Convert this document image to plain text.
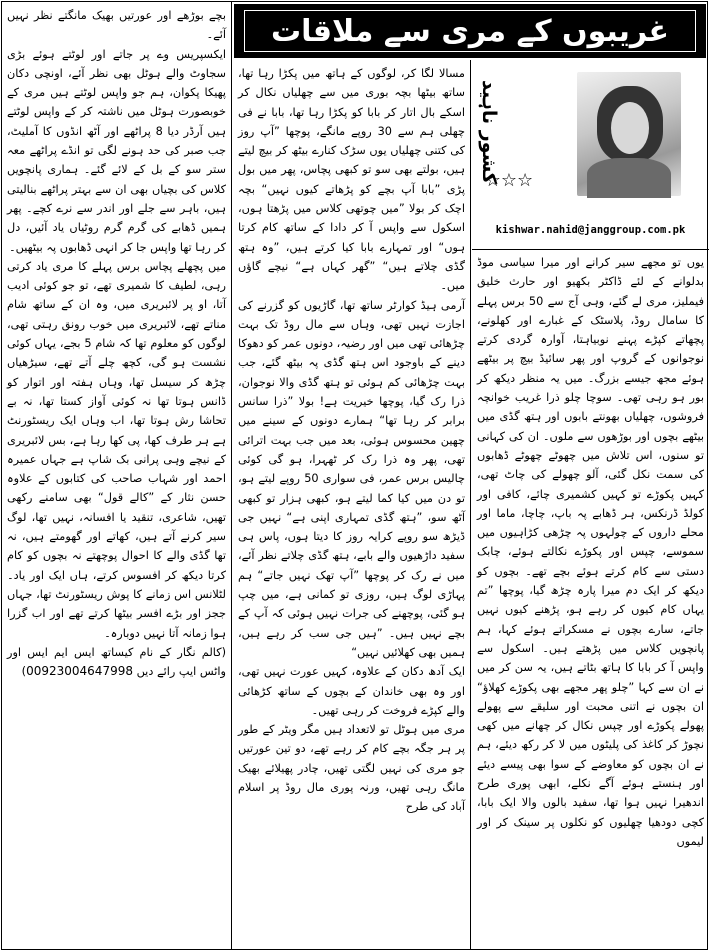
غریبوں کے مری سے ملاقات
کشور ناہید
☆☆☆
kishwar.nahid@janggroup.com.pk

یوں تو مجھے سیر کرانے اور میرا سیاسی موڈ بدلوانے کے لئے ڈاکٹر بکھیو اور حارث خلیق فیملیز، مری لے گئے، وہی آج سے 50 برس پہلے کا سامال روڈ، پلاسٹک کے غبارے اور کھلونے، پچھاتے کپڑے پہنے نوبیاہتا، آوارہ گردی کرتے نوجوانوں کے گروپ اور پھر سائیڈ بیچ پر بیٹھے ہوئے مجھ جیسے بزرگ۔ میں یہ منظر دیکھ کر بور ہو رہی تھی۔ سوچا چلو ذرا غریب خوانچہ فروشوں، چھلیاں بھونتے بابوں اور ہتھ گڈی میں بیٹھے بچوں اور بوڑھوں سے ملوں۔ ان کی کہانی تو سنوں، اس تلاش میں چھوٹے چھوٹے ڈھابوں کی سمت نکل گئی، آلو چھولے کی چاٹ تھی، کہیں پکوڑے تو کہیں کشمیری چائے، کافی اور کولڈ ڈرنکس، ہر ڈھابے پہ باپ، چاچا، ماما اور محلے داروں کے چولہوں پہ چڑھی کڑاہیوں میں سموسے، چپس اور پکوڑے نکالتے ہوئے، چابک دستی سے کام کرتے ہوئے بچے تھے۔ بچوں کو دیکھ کر ایک دم میرا پارہ چڑھ گیا، پوچھا ”تم یہاں کام کیوں کر رہے ہو، پڑھنے کیوں نہیں جاتے، سارے بچوں نے مسکراتے ہوئے کہا، ہم پانچویں کلاس میں پڑھتے ہیں۔ اسکول سے واپس آ کر بابا کا ہاتھ بٹاتے ہیں، یہ سن کر میں نے ان سے کہا ”چلو پھر مجھے بھی پکوڑے کھلاؤ“ ان بچوں نے اتنی محبت اور سلیقے سے پھولے پھولے پکوڑے اور چپس نکال کر چھانے میں کھی نچوڑ کر کاغذ کی پلیٹوں میں لا کر رکھ دیئے، ہم نے ان بچوں کو معاوضے کے سوا بھی پیسے دیئے اور ہنستے ہوئے آگے نکلے، ابھی پوری طرح اندھیرا نہیں ہوا تھا، سفید بالوں والا ایک بابا، کچی دودھیا چھلیوں کو نکلوں پر سینک کر اور لیموں

مسالا لگا کر، لوگوں کے ہاتھ میں پکڑا رہا تھا، ساتھ بیٹھا بچہ بوری میں سے چھلیاں نکال کر اسکے بال اتار کر بابا کو پکڑا رہا تھا، بابا نے فی چھلی ہم سے 30 روپے مانگے، پوچھا ”آپ روز کی کتنی چھلیاں یوں سڑک کنارے بیٹھ کر بیچ لیتے ہیں، بولتے بھی سو تو کبھی پچاس، پھر میں بول پڑی ”بابا آپ بچے کو پڑھاتے کیوں نہیں“ بچہ اچک کر بولا ”میں چوتھی کلاس میں پڑھتا ہوں، اسکول سے واپس آ کر دادا کے ساتھ کام کرتا ہوں“ اور تمہارے بابا کیا کرتے ہیں، ”وہ ہتھ گڈی چلاتے ہیں“ ”گھر کہاں ہے“ نیچے گاؤں میں۔

آرمی ہیڈ کوارٹر ساتھ تھا، گاڑیوں کو گزرنے کی اجازت نہیں تھی، وہاں سے مال روڈ تک بہت چڑھائی تھی میں اور رضیہ، دونوں عمر کو دھوکا دینے کے باوجود اس ہتھ گڈی پہ بیٹھ گئے، جب بہت چڑھائی کم ہوئی تو ہتھ گڈی والا نوجوان، ذرا رک گیا، پوچھا خیریت ہے! بولا ”ذرا سانس برابر کر رہا تھا“ ہمارے دونوں کے سینے میں چھین محسوس ہوئی، بعد میں جب بہت اترائی تھی، پھر وہ ذرا رک کر ٹھہرا، ہو گی کوئی چالیس برس عمر، فی سواری 50 روپے لیتے ہو، تو دن میں کیا کما لیتے ہو، کبھی ہزار تو کبھی آٹھ سو، ”ہتھ گڈی تمہاری اپنی ہے“ نہیں جی ڈیڑھ سو روپے کرایہ روز کا دیتا ہوں، پاس ہی سفید داڑھیوں والے بابے، ہتھ گڈی چلاتے نظر آئے، میں نے رک کر پوچھا ”آپ تھک نہیں جاتے“ ہم پہاڑی لوگ ہیں، روزی تو کمانی ہے، میں چپ ہو گئی، پوچھنے کی جرات نہیں ہوئی کہ آپ کے بچے نہیں ہیں۔ ”ہیں جی سب کر رہے ہیں، ہمیں بھی کھلائیں نہیں“

ایک آدھ دکان کے علاوہ، کہیں عورت نہیں تھی، اور وہ بھی خاندان کے بچوں کے ساتھ کڑھائی والے کپڑے فروخت کر رہی تھیں۔

مری میں ہوٹل تو لاتعداد ہیں مگر ویٹر کے طور پر ہر جگہ بچے کام کر رہے تھے، دو تین عورتیں جو مری کی نہیں لگتی تھیں، چادر پھیلائے بھیک مانگ رہی تھیں، ورنہ پوری مال روڈ پر اسلام آباد کی طرح

بچے بوڑھے اور عورتیں بھیک مانگتے نظر نہیں آئے۔

ایکسپریس وے پر جاتے اور لوٹتے ہوئے بڑی سجاوٹ والے ہوٹل بھی نظر آئے، اونچی دکان پھیکا پکوان، ہم جو واپس لوٹتے ہیں مری کے خوبصورت ہوٹل میں ناشتہ کر کے واپس لوٹتے ہیں آرڈر دیا 8 پراٹھے اور آٹھ انڈوں کا آملیٹ، جب صبر کی حد ہونے لگی تو انڈے پراٹھے معہ ستر سو کے بل کے لائے گئے۔ ہماری پانچویں کلاس کی بچیاں بھی ان سے بہتر پراٹھے بنالیتی ہیں، باہر سے جلے اور اندر سے نرے کچے۔ پھر ہمیں ڈھابے کی گرم گرم روٹیاں یاد آئیں، دل کر رہا تھا واپس جا کر انہی ڈھابوں پہ بیٹھیں۔

میں پچھلے پچاس برس پہلے کا مری یاد کرتی رہی، لطیف کا شمیری تھے، تو جو کوئی ادیب آتا، او پر لائبریری میں، وہ ان کے ساتھ شام مناتے تھے، لائبریری میں خوب رونق رہتی تھی، لوگوں کو معلوم تھا کہ شام 5 بجے، یہاں کوئی نشست ہو گی، کچھ چلے آتے تھے، سیڑھیاں چڑھ کر سیسل تھا، وہاں ہفتہ اور اتوار کو ڈانس ہوتا تھا نہ کوئی آواز کستا تھا، نہ بے تحاشا رش ہوتا تھا، اب وہاں ایک ریسٹورنٹ ہے ہر طرف کھا، پی کھا رہا ہے، بس لائبریری کے نیچے وہی پرانی بک شاپ ہے جہاں عمیرہ احمد اور شہاب صاحب کی کتابوں کے علاوہ حسن نثار کے ”کالے قول“ بھی سامنے رکھی تھیں، شاعری، تنقید یا افسانہ، نہیں تھا، لوگ سیر کرنے آتے ہیں، کھاتے اور گھومتے ہیں، نہ تھا گڈی والے کا احوال پوچھتے نہ بچوں کو کام کرتا دیکھ کر افسوس کرتے، ہاں ایک اور یاد۔ لٹلانس اس زمانے کا پوش ریسٹورنٹ تھا، جہاں ججز اور بڑے افسر بیٹھا کرتے تھے اور اب گزرا ہوا زمانہ آتا نہیں دوبارہ۔

(کالم نگار کے نام کیساتھ ایس ایم ایس اور واٹس ایپ رائے دیں 00923004647998)
